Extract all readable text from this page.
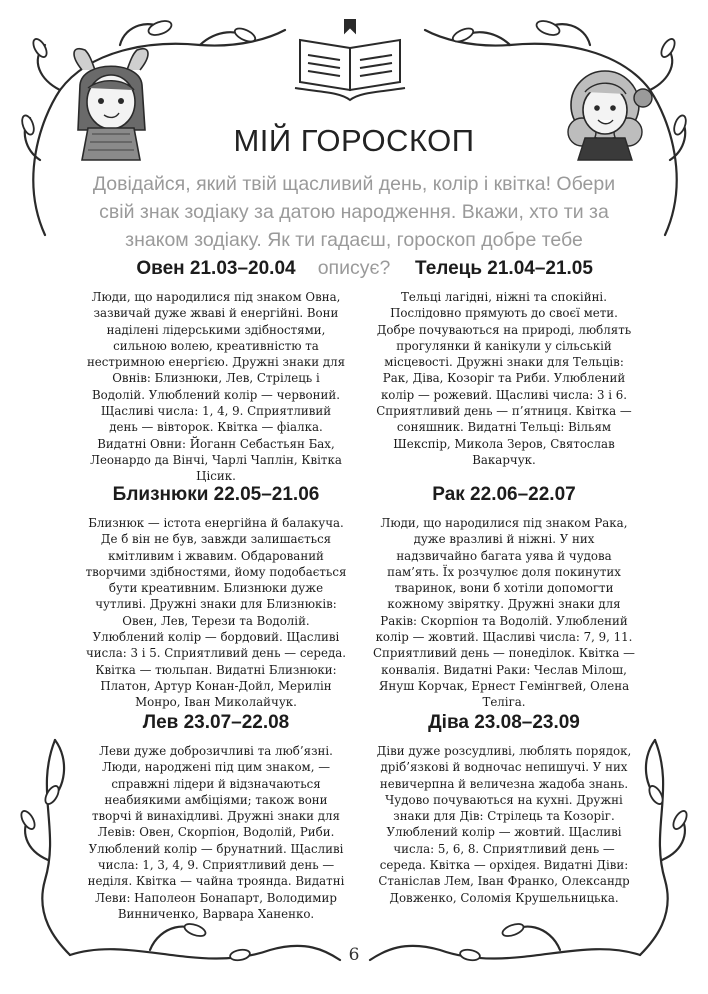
МІЙ ГОРОСКОП
Довідайся, який твій щасливий день, колір і квітка! Обери свій знак зодіаку за датою народження. Вкажи, хто ти за знаком зодіаку. Як ти гадаєш, гороскоп добре тебе описує?
Овен 21.03–20.04

Люди, що народилися під знаком Овна, зазвичай дуже жваві й енергійні. Вони наділені лідерськими здібностями, сильною волею, креативністю та нестримною енергією. Дружні знаки для Овнів: Близнюки, Лев, Стрілець і Водолій. Улюблений колір — червоний. Щасливі числа: 1, 4, 9. Сприятливий день — вівторок. Квітка — фіалка. Видатні Овни: Йоганн Себастьян Бах, Леонардо да Вінчі, Чарлі Чаплін, Квітка Цісик.

Телець 21.04–21.05

Тельці лагідні, ніжні та спокійні. Послідовно прямують до своєї мети. Добре почуваються на природі, люблять прогулянки й канікули у сільській місцевості. Дружні знаки для Тельців: Рак, Діва, Козоріг та Риби. Улюблений колір — рожевий. Щасливі числа: 3 і 6. Сприятливий день — п’ятниця. Квітка — соняшник. Видатні Тельці: Вільям Шекспір, Микола Зеров, Святослав Вакарчук.

Близнюки 22.05–21.06

Близнюк — істота енергійна й балакуча. Де б він не був, завжди залишається кмітливим і жвавим. Обдарований творчими здібностями, йому подобається бути креативним. Близнюки дуже чутливі. Дружні знаки для Близнюків: Овен, Лев, Терези та Водолій. Улюблений колір — бордовий. Щасливі числа: 3 і 5. Сприятливий день — середа. Квітка — тюльпан. Видатні Близнюки: Платон, Артур Конан-Дойл, Мерилін Монро, Іван Миколайчук.

Рак 22.06–22.07

Люди, що народилися під знаком Рака, дуже вразливі й ніжні. У них надзвичайно багата уява й чудова пам’ять. Їх розчулює доля покинутих тваринок, вони б хотіли допомогти кожному звірятку. Дружні знаки для Раків: Скорпіон та Водолій. Улюблений колір — жовтий. Щасливі числа: 7, 9, 11. Сприятливий день — понеділок. Квітка — конвалія. Видатні Раки: Чеслав Мілош, Януш Корчак, Ернест Гемінгвей, Олена Теліга.

Лев 23.07–22.08

Леви дуже доброзичливі та люб’язні. Люди, народжені під цим знаком, — справжні лідери й відзначаються неабиякими амбіціями; також вони творчі й винахідливі. Дружні знаки для Левів: Овен, Скорпіон, Водолій, Риби. Улюблений колір — брунатний. Щасливі числа: 1, 3, 4, 9. Сприятливий день — неділя. Квітка — чайна троянда. Видатні Леви: Наполеон Бонапарт, Володимир Винниченко, Варвара Ханенко.

Діва 23.08–23.09

Діви дуже розсудливі, люблять порядок, дріб’язкові й водночас непишучі. У них невичерпна й величезна жадоба знань. Чудово почуваються на кухні. Дружні знаки для Дів: Стрілець та Козоріг. Улюблений колір — жовтий. Щасливі числа: 5, 6, 8. Сприятливий день — середа. Квітка — орхідея. Видатні Діви: Станіслав Лем, Іван Франко, Олександр Довженко, Соломія Крушельницька.

6
